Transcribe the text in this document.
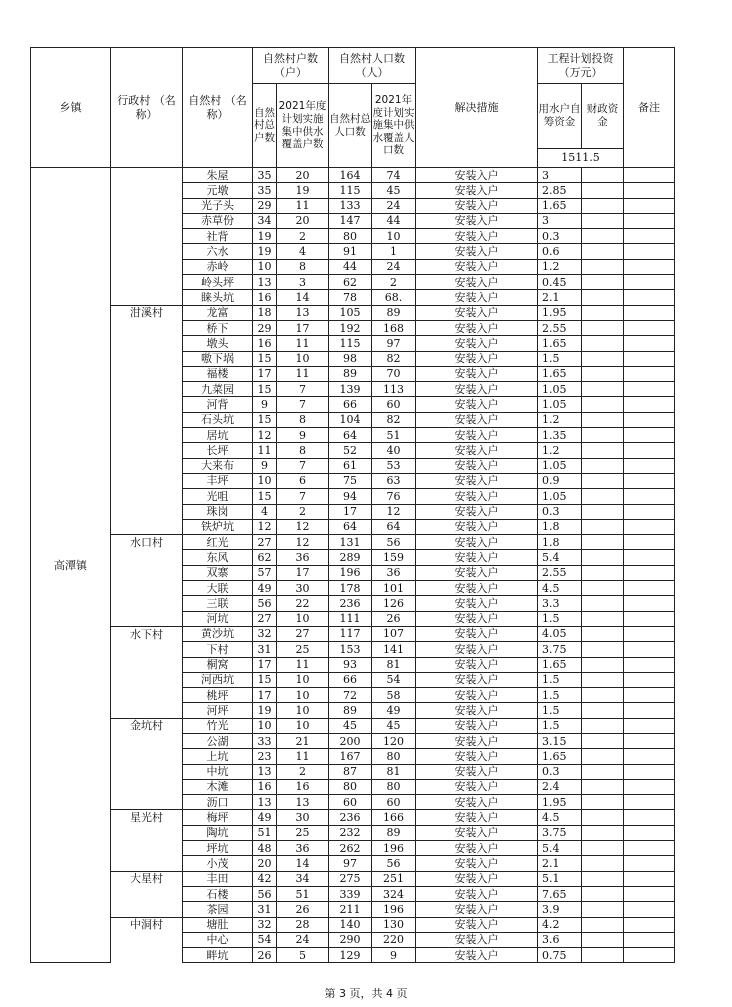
乡镇	行政村 （名称）	自然村 （名称）	自然村户数 （户）		自然村人口数 （人）		解决措施	工程计划投资 （万元）		备注
			自然村总户数	2021年度计划实施集中供水覆盖户数	自然村总人口数	2021年度计划实施集中供水覆盖人口数		用水户自筹资金	财政资金	
								1511.5		
高潭镇		朱屋	35	20	164	74	安装入户	3		
		元墩	35	19	115	45	安装入户	2.85		
		光子头	29	11	133	24	安装入户	1.65		
		赤草份	34	20	147	44	安装入户	3		
		社背	19	2	80	10	安装入户	0.3		
		六水	19	4	91	1	安装入户	0.6		
		赤岭	10	8	44	24	安装入户	1.2		
		岭头坪	13	3	62	2	安装入户	0.45		
		睐头坑	16	14	78	68.	安装入户	2.1		
	泔溪村	龙富	18	13	105	89	安装入户	1.95		
		桥下	29	17	192	168	安装入户	2.55		
		墩头	16	11	115	97	安装入户	1.65		
		嗷下埚	15	10	98	82	安装入户	1.5		
		福楼	17	11	89	70	安装入户	1.65		
		九菜园	15	7	139	113	安装入户	1.05		
		河背	9	7	66	60	安装入户	1.05		
		石头坑	15	8	104	82	安装入户	1.2		
		居坑	12	9	64	51	安装入户	1.35		
		长坪	11	8	52	40	安装入户	1.2		
		大来布	9	7	61	53	安装入户	1.05		
		丰坪	10	6	75	63	安装入户	0.9		
		光咀	15	7	94	76	安装入户	1.05		
		珠岗	4	2	17	12	安装入户	0.3		
		铁炉坑	12	12	64	64	安装入户	1.8		
	水口村	红光	27	12	131	56	安装入户	1.8		
		东风	62	36	289	159	安装入户	5.4		
		双寨	57	17	196	36	安装入户	2.55		
		大联	49	30	178	101	安装入户	4.5		
		三联	56	22	236	126	安装入户	3.3		
		河坑	27	10	111	26	安装入户	1.5		
	水下村	黄沙坑	32	27	117	107	安装入户	4.05		
		下村	31	25	153	141	安装入户	3.75		
		桐窝	17	11	93	81	安装入户	1.65		
		河西坑	15	10	66	54	安装入户	1.5		
		桃坪	17	10	72	58	安装入户	1.5		
		河坪	19	10	89	49	安装入户	1.5		
	金坑村	竹光	10	10	45	45	安装入户	1.5		
		公湖	33	21	200	120	安装入户	3.15		
		上坑	23	11	167	80	安装入户	1.65		
		中坑	13	2	87	81	安装入户	0.3		
		木滩	16	16	80	80	安装入户	2.4		
		沥口	13	13	60	60	安装入户	1.95		
	星光村	梅坪	49	30	236	166	安装入户	4.5		
		陶坑	51	25	232	89	安装入户	3.75		
		坪坑	48	36	262	196	安装入户	5.4		
		小茂	20	14	97	56	安装入户	2.1		
	大星村	丰田	42	34	275	251	安装入户	5.1		
		石楼	56	51	339	324	安装入户	7.65		
		茶园	31	26	211	196	安装入户	3.9		
	中洞村	塘肚	32	28	140	130	安装入户	4.2		
		中心	54	24	290	220	安装入户	3.6		
		畔坑	26	5	129	9	安装入户	0.75		
第 3 页，共 4 页
